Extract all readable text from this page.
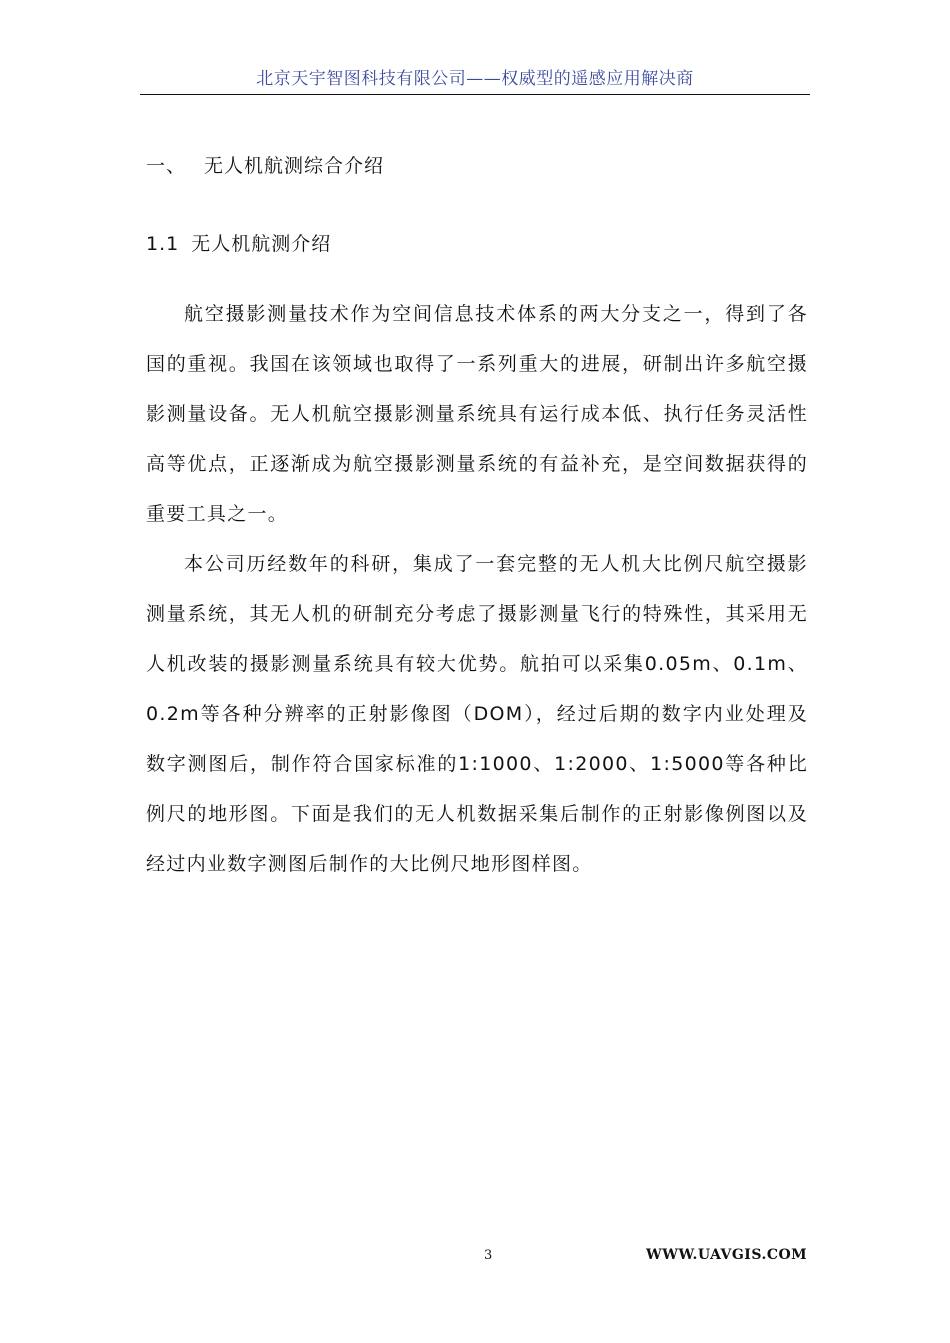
北京天宇智图科技有限公司——权威型的遥感应用解决商
一、 无人机航测综合介绍
1.1 无人机航测介绍

航空摄影测量技术作为空间信息技术体系的两大分支之一，得到了各国的重视。我国在该领域也取得了一系列重大的进展，研制出许多航空摄影测量设备。无人机航空摄影测量系统具有运行成本低、执行任务灵活性高等优点，正逐渐成为航空摄影测量系统的有益补充，是空间数据获得的重要工具之一。

本公司历经数年的科研，集成了一套完整的无人机大比例尺航空摄影测量系统，其无人机的研制充分考虑了摄影测量飞行的特殊性，其采用无人机改装的摄影测量系统具有较大优势。航拍可以采集0.05m、0.1m、0.2m等各种分辨率的正射影像图（DOM），经过后期的数字内业处理及数字测图后，制作符合国家标准的1:1000、1:2000、1:5000等各种比例尺的地形图。下面是我们的无人机数据采集后制作的正射影像例图以及经过内业数字测图后制作的大比例尺地形图样图。

3	WWW.UAVGIS.COM
